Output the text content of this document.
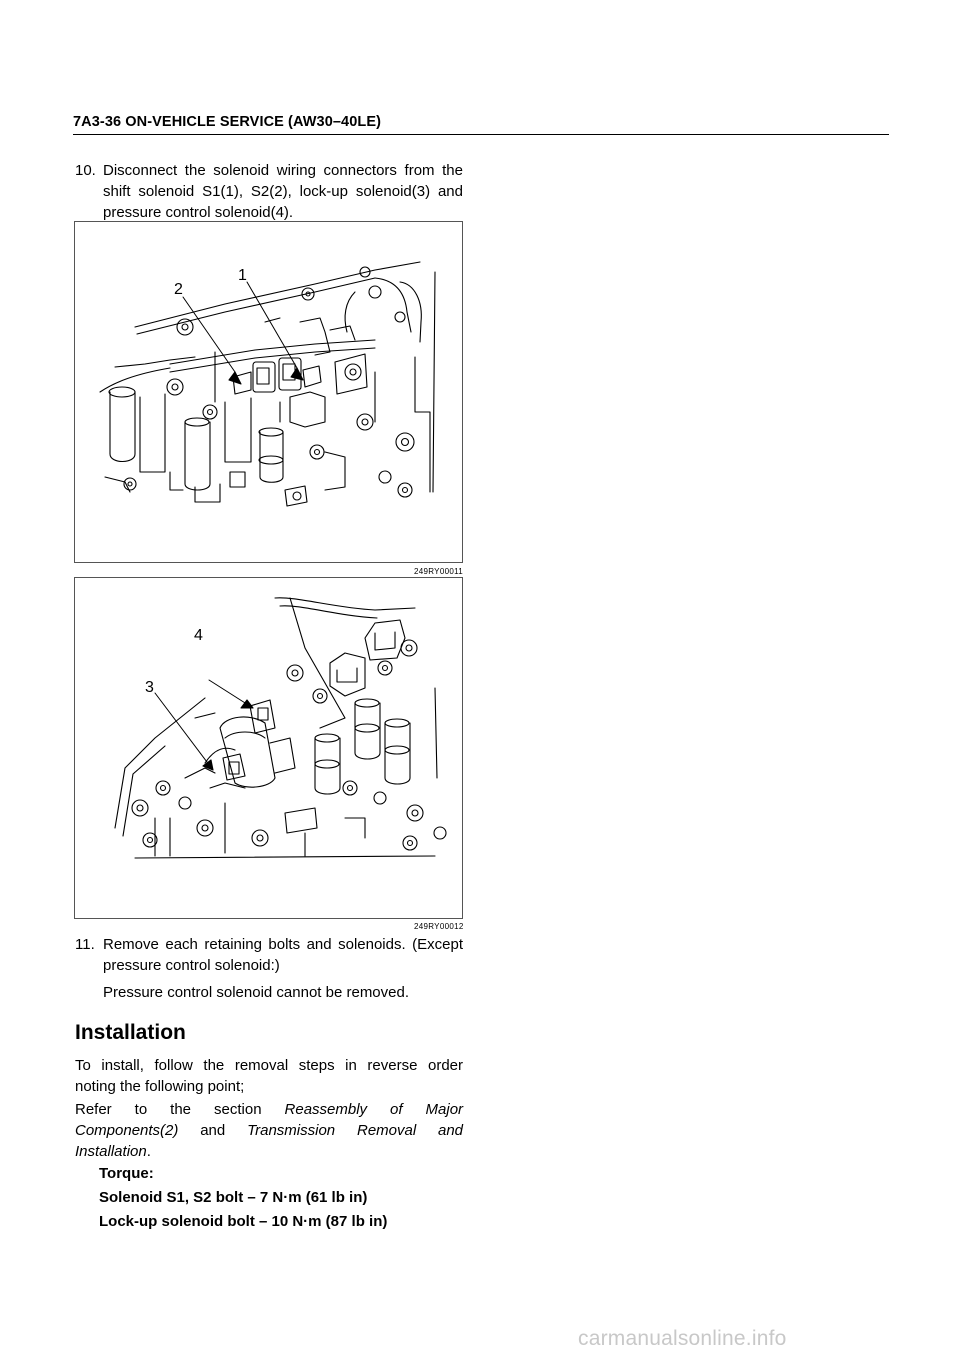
7A3-36 ON-VEHICLE SERVICE (AW30–40LE)
10. Disconnect the solenoid wiring connectors from the
shift solenoid S1(1), S2(2), lock-up solenoid(3) and
pressure control solenoid(4).
2
1
249RY00011
4
3
249RY00012
11. Remove each retaining bolts and solenoids. (Except
pressure control solenoid:)
Pressure control solenoid cannot be removed.
Installation
To install, follow the removal steps in reverse order
noting the following point;
Refer to the section Reassembly of Major
Components(2) and Transmission Removal and
Installation.
Torque:
Solenoid S1, S2 bolt – 7 N·m (61 lb in)
Lock-up solenoid bolt – 10 N·m (87 lb in)
carmanualsonline.info
